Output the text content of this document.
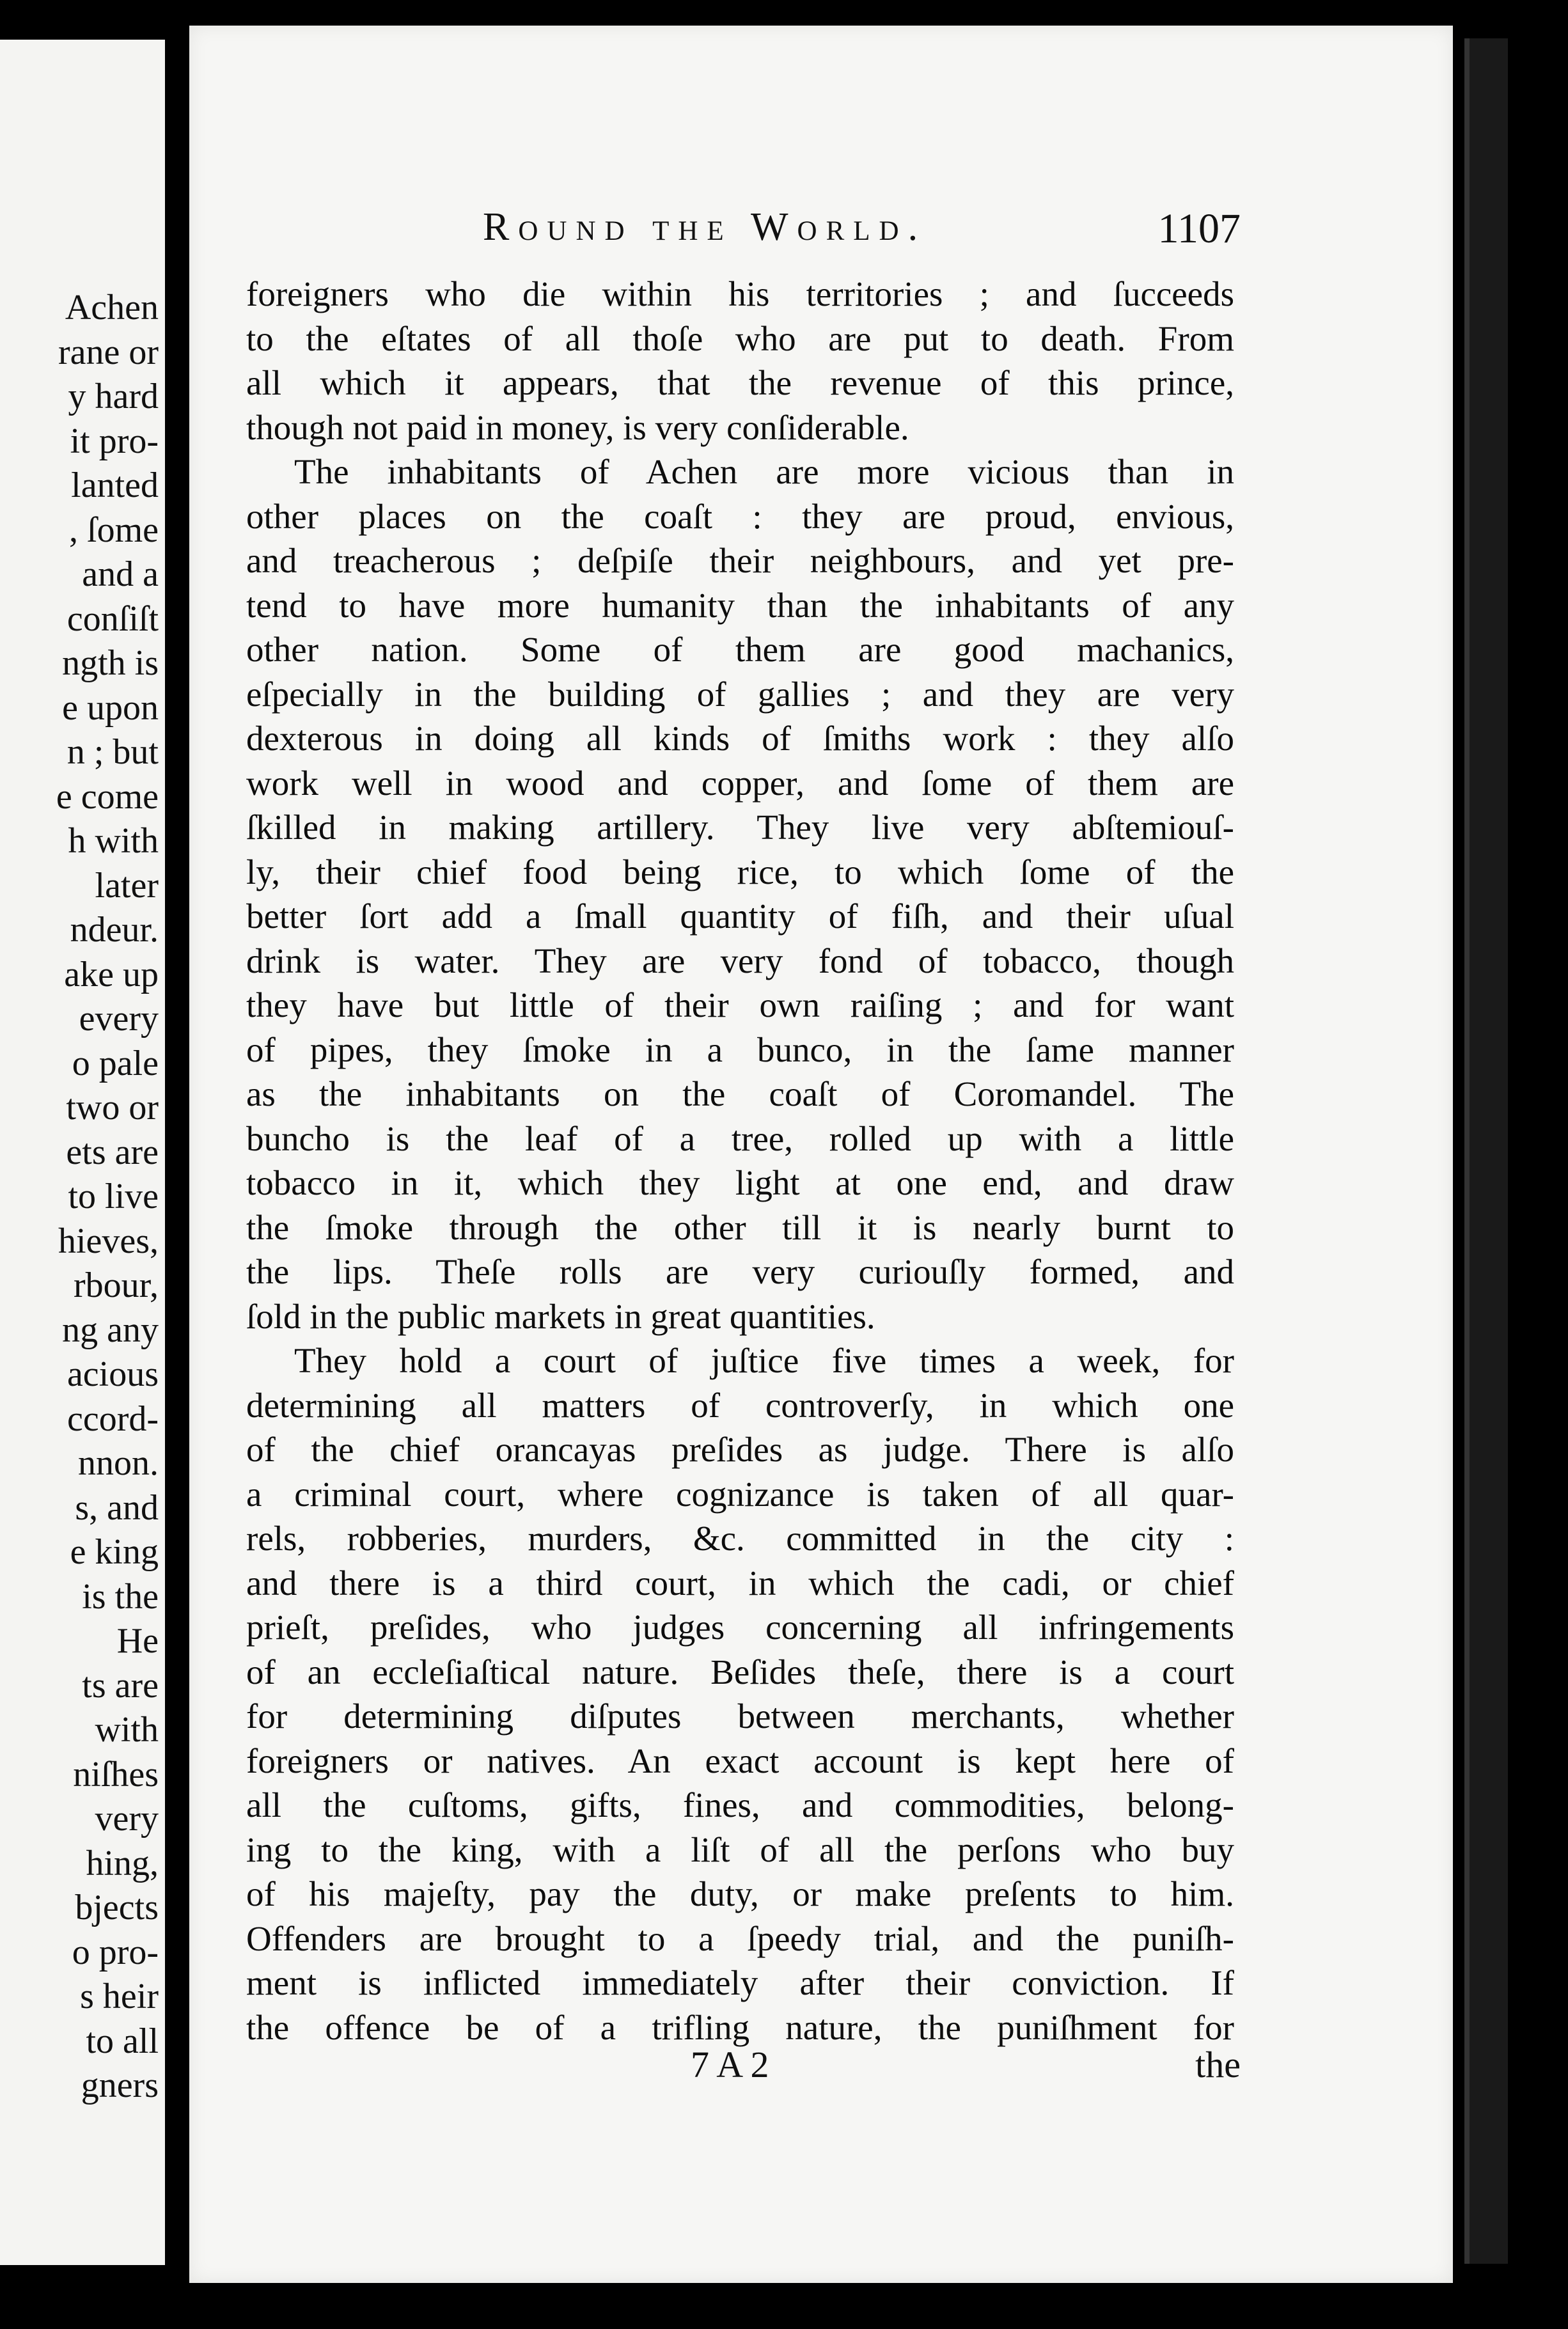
Achen
rane or
y hard
it pro-
lanted
, ſome
and a
conſiſt
ngth is
e upon
n ; but
e come
h with
later
ndeur.
ake up
every
o pale
two or
ets are
to live
hieves,
rbour,
ng any
acious
ccord-
nnon.
s, and
e king
is the
He
ts are
with
niſhes
very
hing,
bjects
o pro-
s heir
to all
gners
Round the World.	1107
foreigners who die within his territories ; and ſucceeds
to the eſtates of all thoſe who are put to death. From
all which it appears, that the revenue of this prince,
though not paid in money, is very conſiderable.
The inhabitants of Achen are more vicious than in
other places on the coaſt : they are proud, envious,
and treacherous ; deſpiſe their neighbours, and yet pre-
tend to have more humanity than the inhabitants of any
other nation. Some of them are good machanics,
eſpecially in the building of gallies ; and they are very
dexterous in doing all kinds of ſmiths work : they alſo
work well in wood and copper, and ſome of them are
ſkilled in making artillery. They live very abſtemiouſ-
ly, their chief food being rice, to which ſome of the
better ſort add a ſmall quantity of fiſh, and their uſual
drink is water. They are very fond of tobacco, though
they have but little of their own raiſing ; and for want
of pipes, they ſmoke in a bunco, in the ſame manner
as the inhabitants on the coaſt of Coromandel. The
buncho is the leaf of a tree, rolled up with a little
tobacco in it, which they light at one end, and draw
the ſmoke through the other till it is nearly burnt to
the lips. Theſe rolls are very curiouſly formed, and
ſold in the public markets in great quantities.
They hold a court of juſtice five times a week, for
determining all matters of controverſy, in which one
of the chief orancayas preſides as judge. There is alſo
a criminal court, where cognizance is taken of all quar-
rels, robberies, murders, &c. committed in the city :
and there is a third court, in which the cadi, or chief
prieſt, preſides, who judges concerning all infringements
of an eccleſiaſtical nature. Beſides theſe, there is a court
for determining diſputes between merchants, whether
foreigners or natives. An exact account is kept here of
all the cuſtoms, gifts, fines, and commodities, belong-
ing to the king, with a liſt of all the perſons who buy
of his majeſty, pay the duty, or make preſents to him.
Offenders are brought to a ſpeedy trial, and the puniſh-
ment is inflicted immediately after their conviction. If
the offence be of a trifling nature, the puniſhment for
7 A 2	the
